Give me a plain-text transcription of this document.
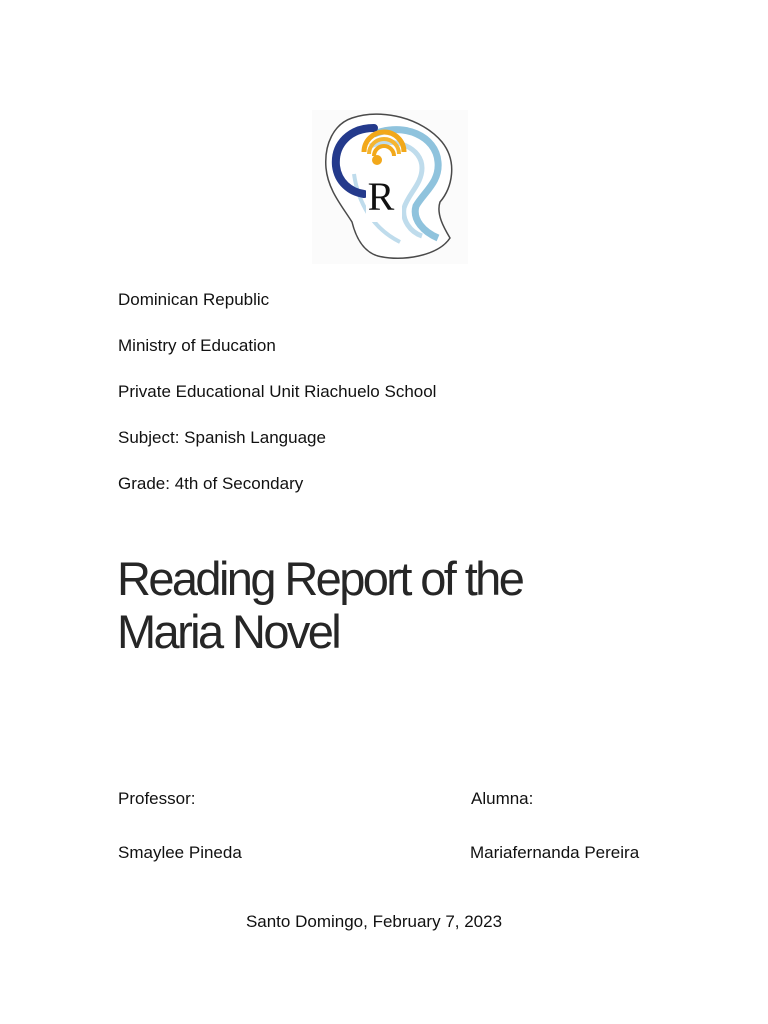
R
Dominican Republic
Ministry of Education
Private Educational Unit Riachuelo School
Subject: Spanish Language
Grade: 4th of Secondary
Reading Report of the
Maria Novel
Professor:
Smaylee Pineda
Alumna:
Mariafernanda Pereira
Santo Domingo, February 7, 2023
